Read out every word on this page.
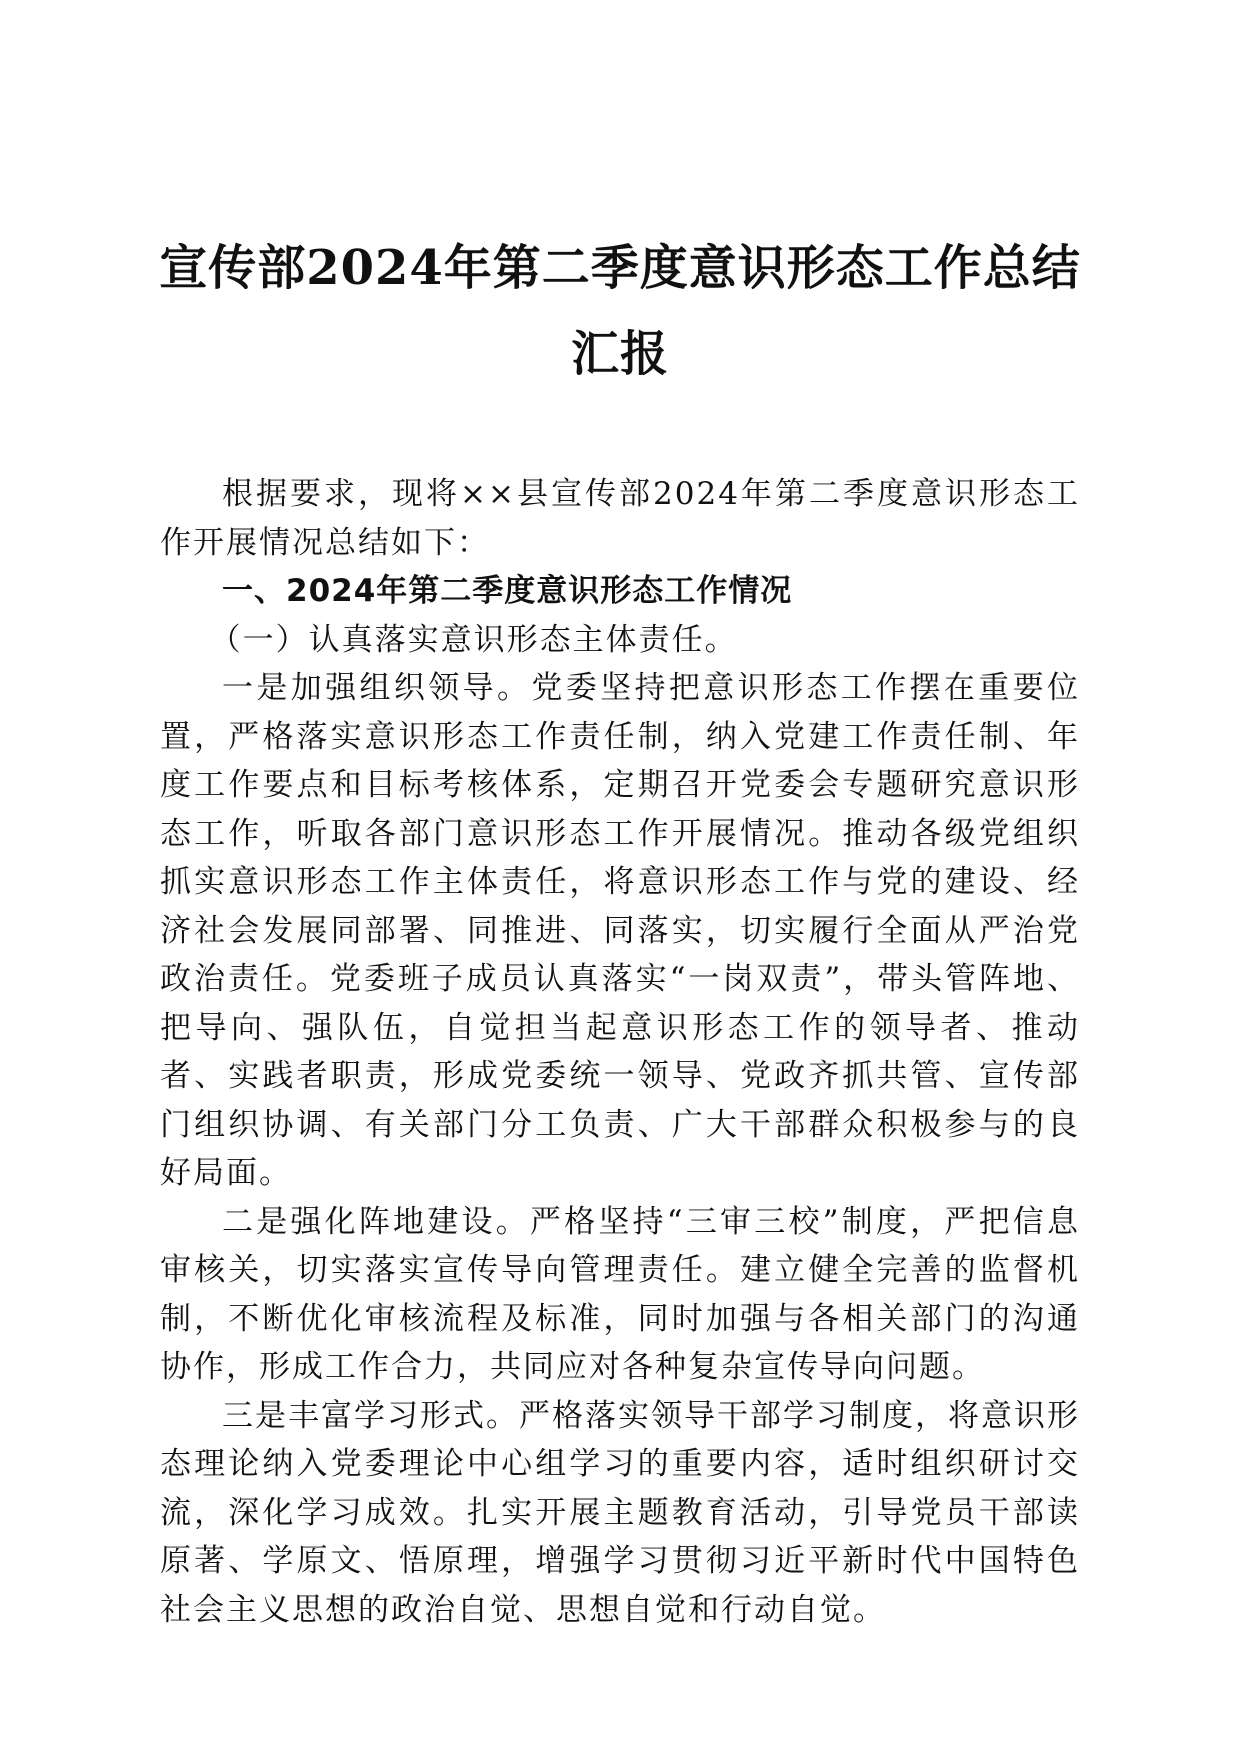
宣传部2024年第二季度意识形态工作总结汇报

根据要求，现将××县宣传部2024年第二季度意识形态工作开展情况总结如下：

一、2024年第二季度意识形态工作情况

（一）认真落实意识形态主体责任。

一是加强组织领导。党委坚持把意识形态工作摆在重要位置，严格落实意识形态工作责任制，纳入党建工作责任制、年度工作要点和目标考核体系，定期召开党委会专题研究意识形态工作，听取各部门意识形态工作开展情况。推动各级党组织抓实意识形态工作主体责任，将意识形态工作与党的建设、经济社会发展同部署、同推进、同落实，切实履行全面从严治党政治责任。党委班子成员认真落实“一岗双责”，带头管阵地、把导向、强队伍，自觉担当起意识形态工作的领导者、推动者、实践者职责，形成党委统一领导、党政齐抓共管、宣传部门组织协调、有关部门分工负责、广大干部群众积极参与的良好局面。

二是强化阵地建设。严格坚持“三审三校”制度，严把信息审核关，切实落实宣传导向管理责任。建立健全完善的监督机制，不断优化审核流程及标准，同时加强与各相关部门的沟通协作，形成工作合力，共同应对各种复杂宣传导向问题。

三是丰富学习形式。严格落实领导干部学习制度，将意识形态理论纳入党委理论中心组学习的重要内容，适时组织研讨交流，深化学习成效。扎实开展主题教育活动，引导党员干部读原著、学原文、悟原理，增强学习贯彻习近平新时代中国特色社会主义思想的政治自觉、思想自觉和行动自觉。
